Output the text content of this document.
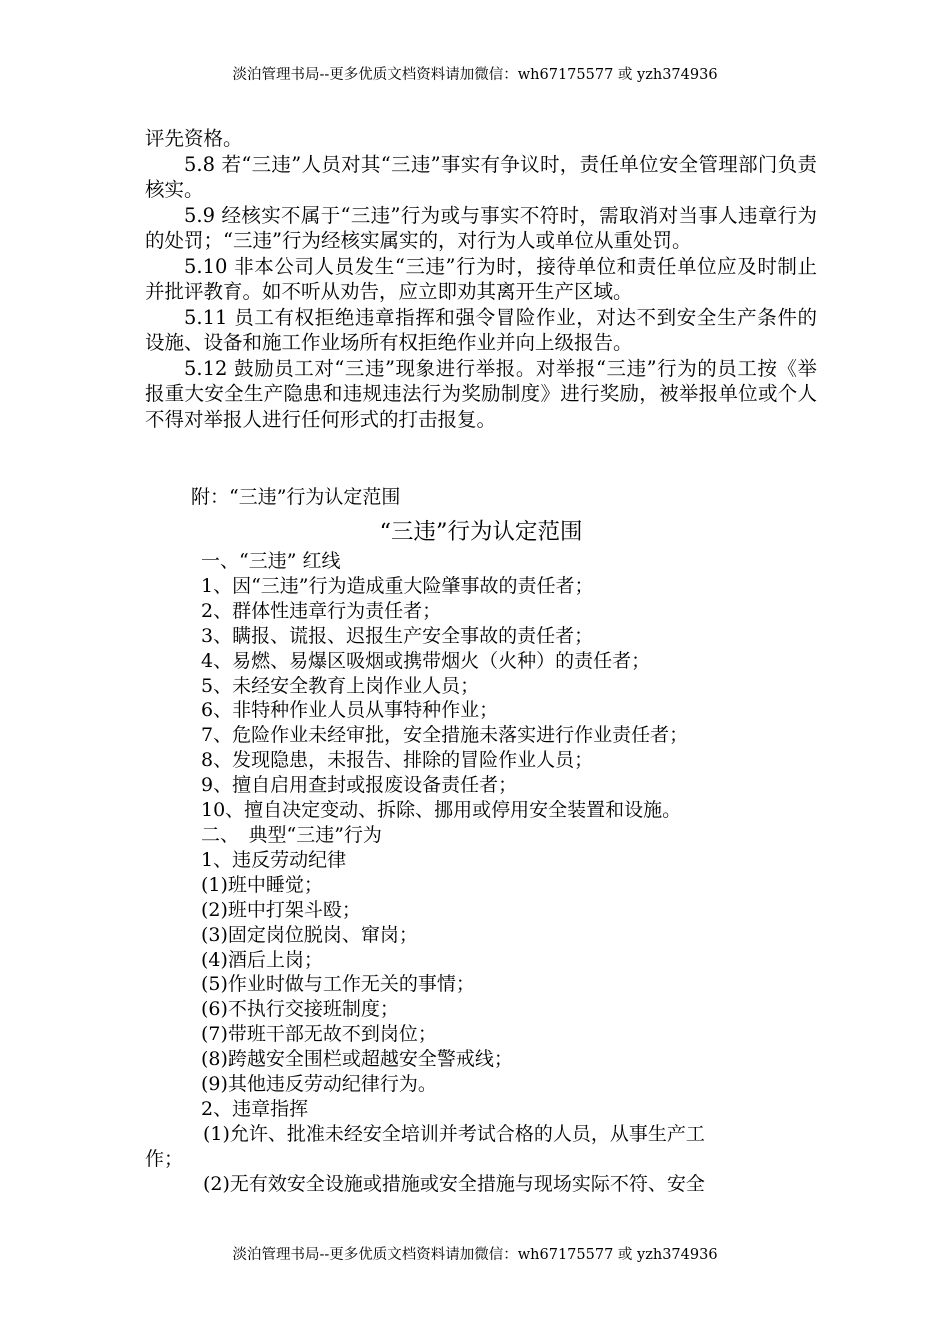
淡泊管理书局--更多优质文档资料请加微信：wh67175577 或 yzh374936

评先资格。

5.8 若“三违”人员对其“三违”事实有争议时，责任单位安全管理部门负责核实。

5.9 经核实不属于“三违”行为或与事实不符时，需取消对当事人违章行为的处罚；“三违”行为经核实属实的，对行为人或单位从重处罚。

5.10 非本公司人员发生“三违”行为时，接待单位和责任单位应及时制止并批评教育。如不听从劝告，应立即劝其离开生产区域。

5.11 员工有权拒绝违章指挥和强令冒险作业，对达不到安全生产条件的设施、设备和施工作业场所有权拒绝作业并向上级报告。

5.12 鼓励员工对“三违”现象进行举报。对举报“三违”行为的员工按《举报重大安全生产隐患和违规违法行为奖励制度》进行奖励，被举报单位或个人不得对举报人进行任何形式的打击报复。

附：“三违”行为认定范围
“三违”行为认定范围

一、“三违” 红线

1、因“三违”行为造成重大险肇事故的责任者；

2、群体性违章行为责任者；

3、瞒报、谎报、迟报生产安全事故的责任者；

4、易燃、易爆区吸烟或携带烟火（火种）的责任者；

5、未经安全教育上岗作业人员；

6、非特种作业人员从事特种作业；

7、危险作业未经审批，安全措施未落实进行作业责任者；

8、发现隐患，未报告、排除的冒险作业人员；

9、擅自启用查封或报废设备责任者；

10、擅自决定变动、拆除、挪用或停用安全装置和设施。

二、　典型“三违”行为

1、违反劳动纪律

(1)班中睡觉；

(2)班中打架斗殴；

(3)固定岗位脱岗、窜岗；

(4)酒后上岗；

(5)作业时做与工作无关的事情；

(6)不执行交接班制度；

(7)带班干部无故不到岗位；

(8)跨越安全围栏或超越安全警戒线；

(9)其他违反劳动纪律行为。

2、违章指挥

(1)允许、批准未经安全培训并考试合格的人员，从事生产工
作；
(2)无有效安全设施或措施或安全措施与现场实际不符、安全
淡泊管理书局--更多优质文档资料请加微信：wh67175577 或 yzh374936
